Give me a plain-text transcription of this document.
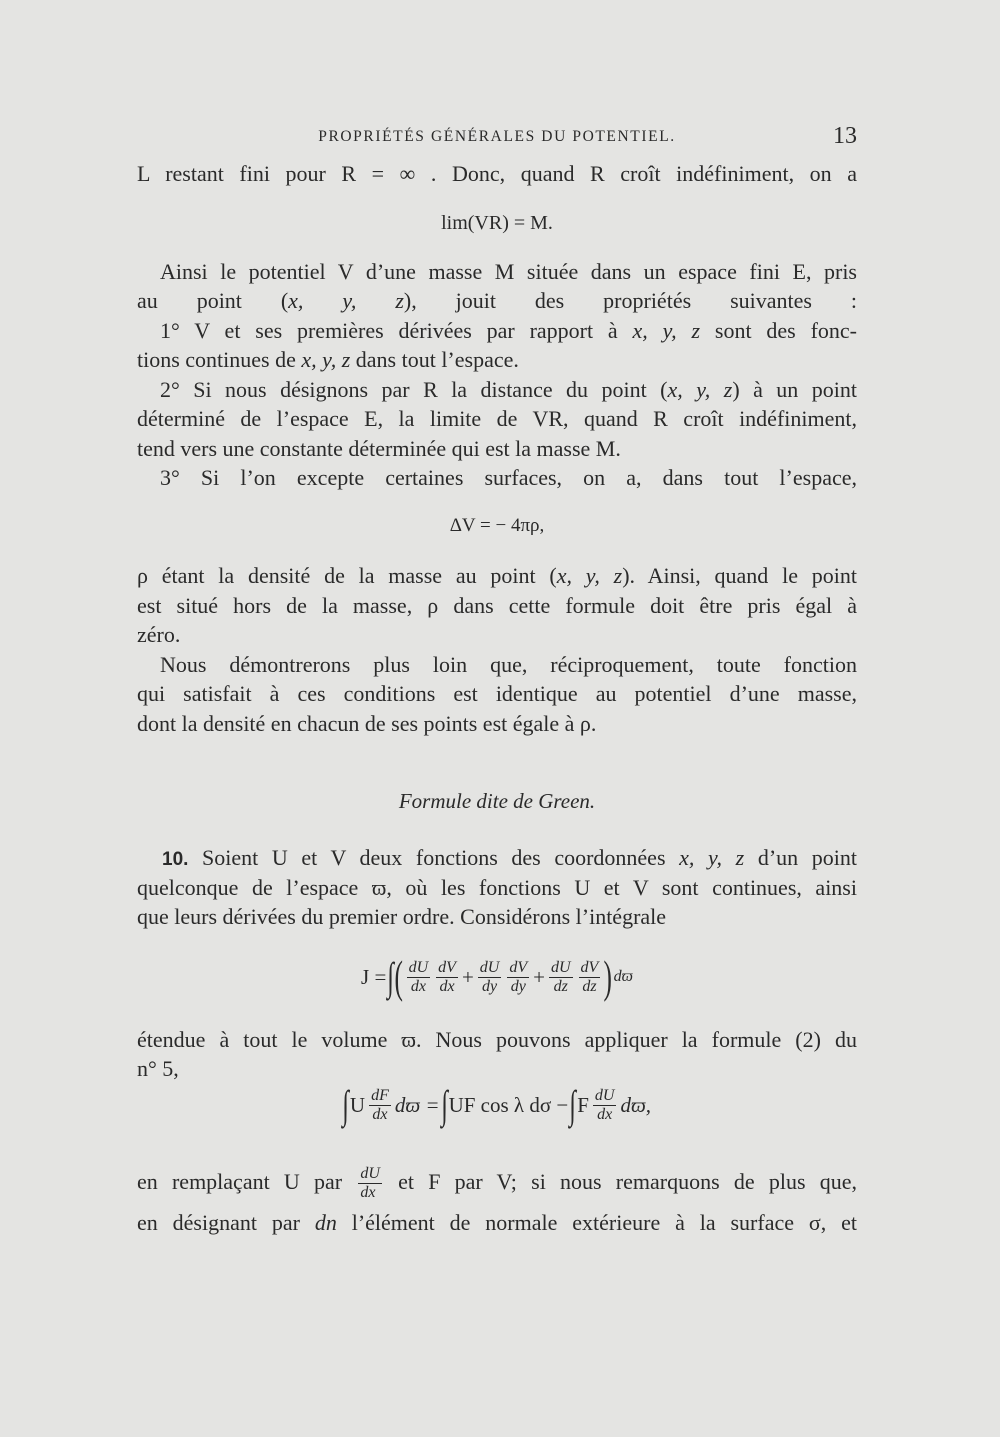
PROPRIÉTÉS GÉNÉRALES DU POTENTIEL.	13
L restant fini pour R = ∞ . Donc, quand R croît indéfiniment, on a
lim(VR) = M.
Ainsi le potentiel V d’une masse M située dans un espace fini E, pris
au point (x, y, z), jouit des propriétés suivantes :
1° V et ses premières dérivées par rapport à x, y, z sont des fonc-
tions continues de x, y, z dans tout l’espace.
2° Si nous désignons par R la distance du point (x, y, z) à un point
déterminé de l’espace E, la limite de VR, quand R croît indéfiniment,
tend vers une constante déterminée qui est la masse M.
3° Si l’on excepte certaines surfaces, on a, dans tout l’espace,
ΔV = − 4πρ,
ρ étant la densité de la masse au point (x, y, z). Ainsi, quand le point
est situé hors de la masse, ρ dans cette formule doit être pris égal à
zéro.
Nous démontrerons plus loin que, réciproquement, toute fonction
qui satisfait à ces conditions est identique au potentiel d’une masse,
dont la densité en chacun de ses points est égale à ρ.
Formule dite de Green.
10. Soient U et V deux fonctions des coordonnées x, y, z d’un point
quelconque de l’espace ϖ, où les fonctions U et V sont continues, ainsi
que leurs dérivées du premier ordre. Considérons l’intégrale
J = ∫ ( $\frac{dU}{dx} \frac{dV}{dx} + \frac{dU}{dy} \frac{dV}{dy} + \frac{dU}{dz} \frac{dV}{dz}$ ) dϖ
étendue à tout le volume ϖ. Nous pouvons appliquer la formule (2) du
n° 5,
∫ U $\frac{dF}{dx}$ dϖ = ∫ UF cos λ dσ − ∫ F $\frac{dU}{dx} dϖ$,
en remplaçant U par $\frac{dU}{dx}$ et F par V; si nous remarquons de plus que,
en désignant par dn l’élément de normale extérieure à la surface σ, et
